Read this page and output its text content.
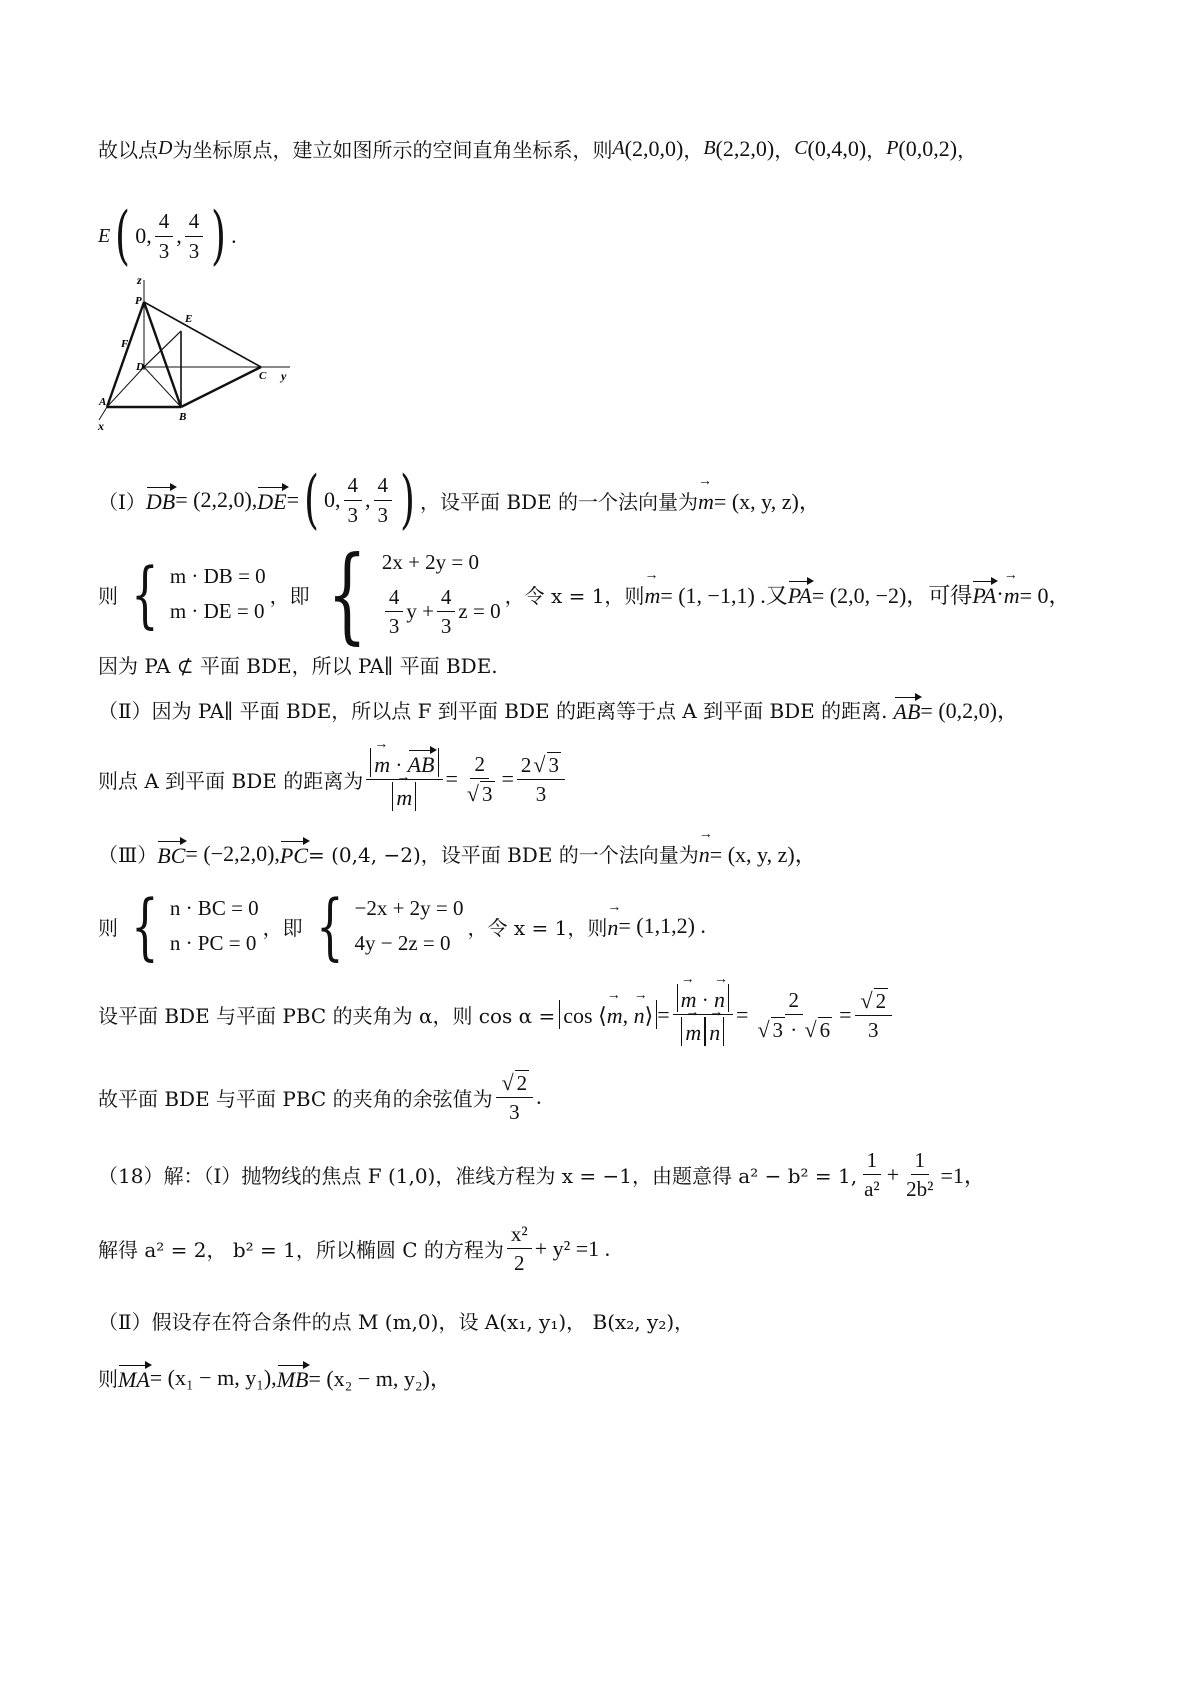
故以点 D 为坐标原点，建立如图所示的空间直角坐标系，则 A (2,0,0) ， B (2,2,0) ， C (0,4,0) ， P (0,0,2) ，
E ( 0, $\frac{4}{3}$ , $\frac{4}{3}$ ) .
z
P
E
F
D
C y
A
B
x
（Ⅰ） DB = (2,2,0), DE = ( 0, $\frac{4}{3}$ , $\frac{4}{3}$ ) ，设平面 BDE 的一个法向量为 → m = (x, y, z)，
则 { m · DB = 0
m · DE = 0
，即 { 2x + 2y = 0
$\frac{4}{3}$ $y + \frac{4}{3}$ z = 0
，令 x = 1，则 → m = (1, −1,1) .又 PA = (2,0, −2)，可得 PA · → m = 0，
因为 PA ⊄ 平面 BDE，所以 PA∥ 平面 BDE.
（Ⅱ）因为 PA∥ 平面 BDE，所以点 F 到平面 BDE 的距离等于点 A 到平面 BDE 的距离. AB = (0,2,0)，
则点 A 到平面 BDE 的距离为 → m · AB
→ $m = \frac{2}{√ 3} = \frac{2√ 3}{3}$
（Ⅲ） BC = (−2,2,0), PC = (0,4, −2)，设平面 BDE 的一个法向量为 → n = (x, y, z)，
则 { n · BC = 0
n · PC = 0
，即 { −2x + 2y = 0
4y − 2z = 0
，令 x = 1，则 → n = (1,1,2) .
设平面 BDE 与平面 PBC 的夹角为 α，则 cos α = cos ⟨→ m, → n⟩ = → m · → n
→ $m \to n = \frac{2}{√ 3 \cdot √ 6} = \frac{√ 2}{3}$
故平面 BDE 与平面 PBC 的夹角的余弦值为 $\frac{√ 2}{3}$ .
（18）解：（Ⅰ）抛物线的焦点 F (1,0)，准线方程为 x = −1，由题意得 a² − b² = 1, $\frac{1}{\text{a²}} + \frac{1}{\text{2b²}} =1$，
解得 a² = 2， b² = 1，所以椭圆 C 的方程为 $\frac{\text{x²}}{2} + y^2 =1$ .
（Ⅱ）假设存在符合条件的点 M (m,0)，设 A(x₁, y₁)， B(x₂, y₂)，
则 MA = (x₁ − m, y₁), MB = (x₂ − m, y₂)，
